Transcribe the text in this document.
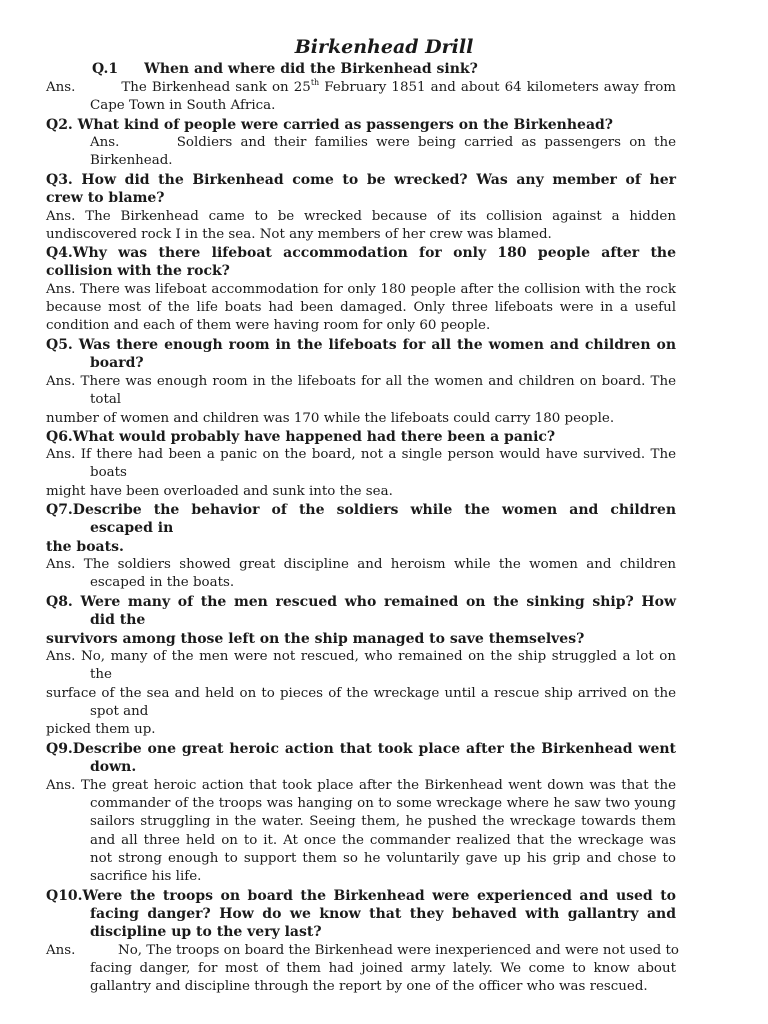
Birkenhead Drill
Q.1 When and where did the Birkenhead sink?
Ans.	The Birkenhead sank on 25th February 1851 and about 64 kilometers away from
Cape Town in South Africa.
Q2. What kind of people were carried as passengers on the Birkenhead?
Ans.	Soldiers and their families were being carried as passengers on the
Birkenhead.
Q3. How did the Birkenhead come to be wrecked? Was any member of her
crew to blame?
Ans. The Birkenhead came to be wrecked because of its collision against a hidden
undiscovered rock I in the sea. Not any members of her crew was blamed.
Q4.Why was there lifeboat accommodation for only 180 people after the
collision with the rock?
Ans. There was lifeboat accommodation for only 180 people after the collision with the rock
because most of the life boats had been damaged. Only three lifeboats were in a useful
condition and each of them were having room for only 60 people.
Q5. Was there enough room in the lifeboats for all the women and children on
board?
Ans. There was enough room in the lifeboats for all the women and children on board. The
total
number of women and children was 170 while the lifeboats could carry 180 people.
Q6.What would probably have happened had there been a panic?
Ans. If there had been a panic on the board, not a single person would have survived. The
boats
might have been overloaded and sunk into the sea.
Q7.Describe the behavior of the soldiers while the women and children
escaped in
the boats.
Ans. The soldiers showed great discipline and heroism while the women and children
escaped in the boats.
Q8. Were many of the men rescued who remained on the sinking ship? How
did the
survivors among those left on the ship managed to save themselves?
Ans. No, many of the men were not rescued, who remained on the ship struggled a lot on
the
surface of the sea and held on to pieces of the wreckage until a rescue ship arrived on the
spot and
picked them up.
Q9.Describe one great heroic action that took place after the Birkenhead went
down.
Ans. The great heroic action that took place after the Birkenhead went down was that the
commander of the troops was hanging on to some wreckage where he saw two young
sailors struggling in the water. Seeing them, he pushed the wreckage towards them
and all three held on to it. At once the commander realized that the wreckage was
not strong enough to support them so he voluntarily gave up his grip and chose to
sacrifice his life.
Q10.Were the troops on board the Birkenhead were experienced and used to
facing danger? How do we know that they behaved with gallantry and
discipline up to the very last?
Ans.	No, The troops on board the Birkenhead were inexperienced and were not used to
facing danger, for most of them had joined army lately. We come to know about
gallantry and discipline through the report by one of the officer who was rescued.
